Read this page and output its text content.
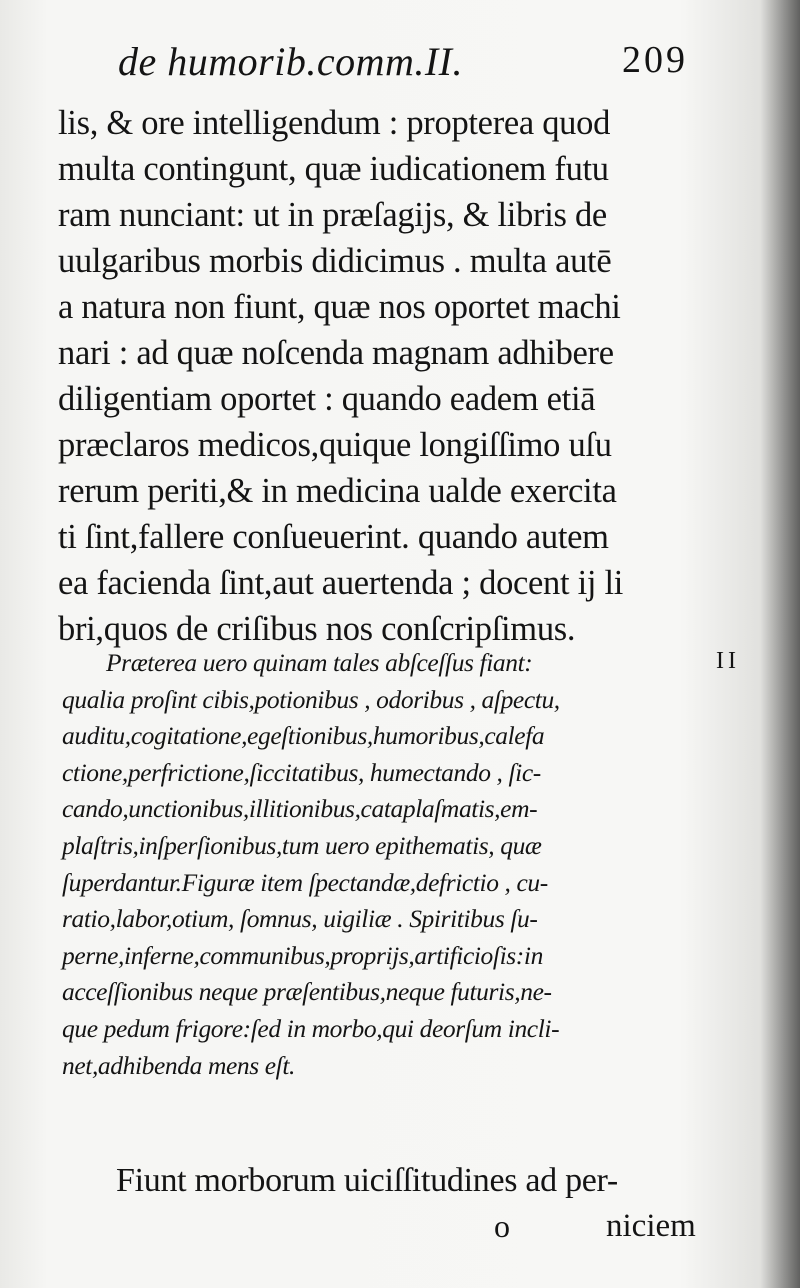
de humorib.comm.II.	209
lis, & ore intelligendum : propterea quod
multa contingunt, quæ iudicationem futu
ram nunciant: ut in præſagijs, & libris de
uulgaribus morbis didicimus . multa autē
a natura non fiunt, quæ nos oportet machi
nari : ad quæ noſcenda magnam adhibere
diligentiam oportet : quando eadem etiā
præclaros medicos,quique longiſſimo uſu
rerum periti,& in medicina ualde exercita
ti ſint,fallere conſueuerint. quando autem
ea facienda ſint,aut auertenda ; docent ij li
bri,quos de criſibus nos conſcripſimus.
Præterea uero quinam tales abſceſſus fiant:
qualia proſint cibis,potionibus , odoribus , aſpectu,
auditu,cogitatione,egeſtionibus,humoribus,calefa
ctione,perfrictione,ſiccitatibus, humectando , ſic-
cando,unctionibus,illitionibus,cataplaſmatis,em-
plaſtris,inſperſionibus,tum uero epithematis, quæ
ſuperdantur.Figuræ item ſpectandæ,defrictio , cu-
ratio,labor,otium, ſomnus, uigiliæ . Spiritibus ſu-
perne,inferne,communibus,proprijs,artificioſis:in
acceſſionibus neque præſentibus,neque futuris,ne-
que pedum frigore:ſed in morbo,qui deorſum incli-
net,adhibenda mens eſt.
II
Fiunt morborum uiciſſitudines ad per-
o	niciem
